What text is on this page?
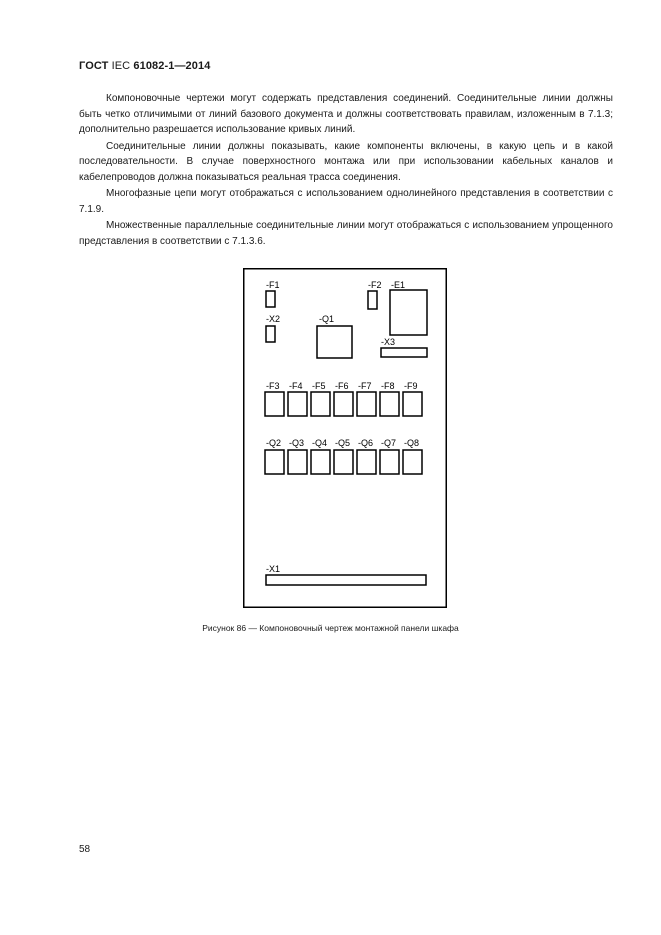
ГОСТ IEC 61082-1—2014

Компоновочные чертежи могут содержать представления соединений. Соединительные линии должны быть четко отличимыми от линий базового документа и должны соответствовать правилам, изложенным в 7.1.3; дополнительно разрешается использование кривых линий.

Соединительные линии должны показывать, какие компоненты включены, в какую цепь и в какой последовательности. В случае поверхностного монтажа или при использовании кабельных каналов и кабелепроводов должна показываться реальная трасса соединения.

Многофазные цепи могут отображаться с использованием однолинейного представления в соответствии с 7.1.9.

Множественные параллельные соединительные линии могут отображаться с использованием упрощенного представления в соответствии с 7.1.3.6.

-F1	-F2 -E1
-X2	-Q1
-X3
-F3 -F4 -F5 -F6 -F7 -F8 -F9
-Q2 -Q3 -Q4 -Q5 -Q6 -Q7 -Q8
-X1
Рисунок 86 — Компоновочный чертеж монтажной панели шкафа
58
